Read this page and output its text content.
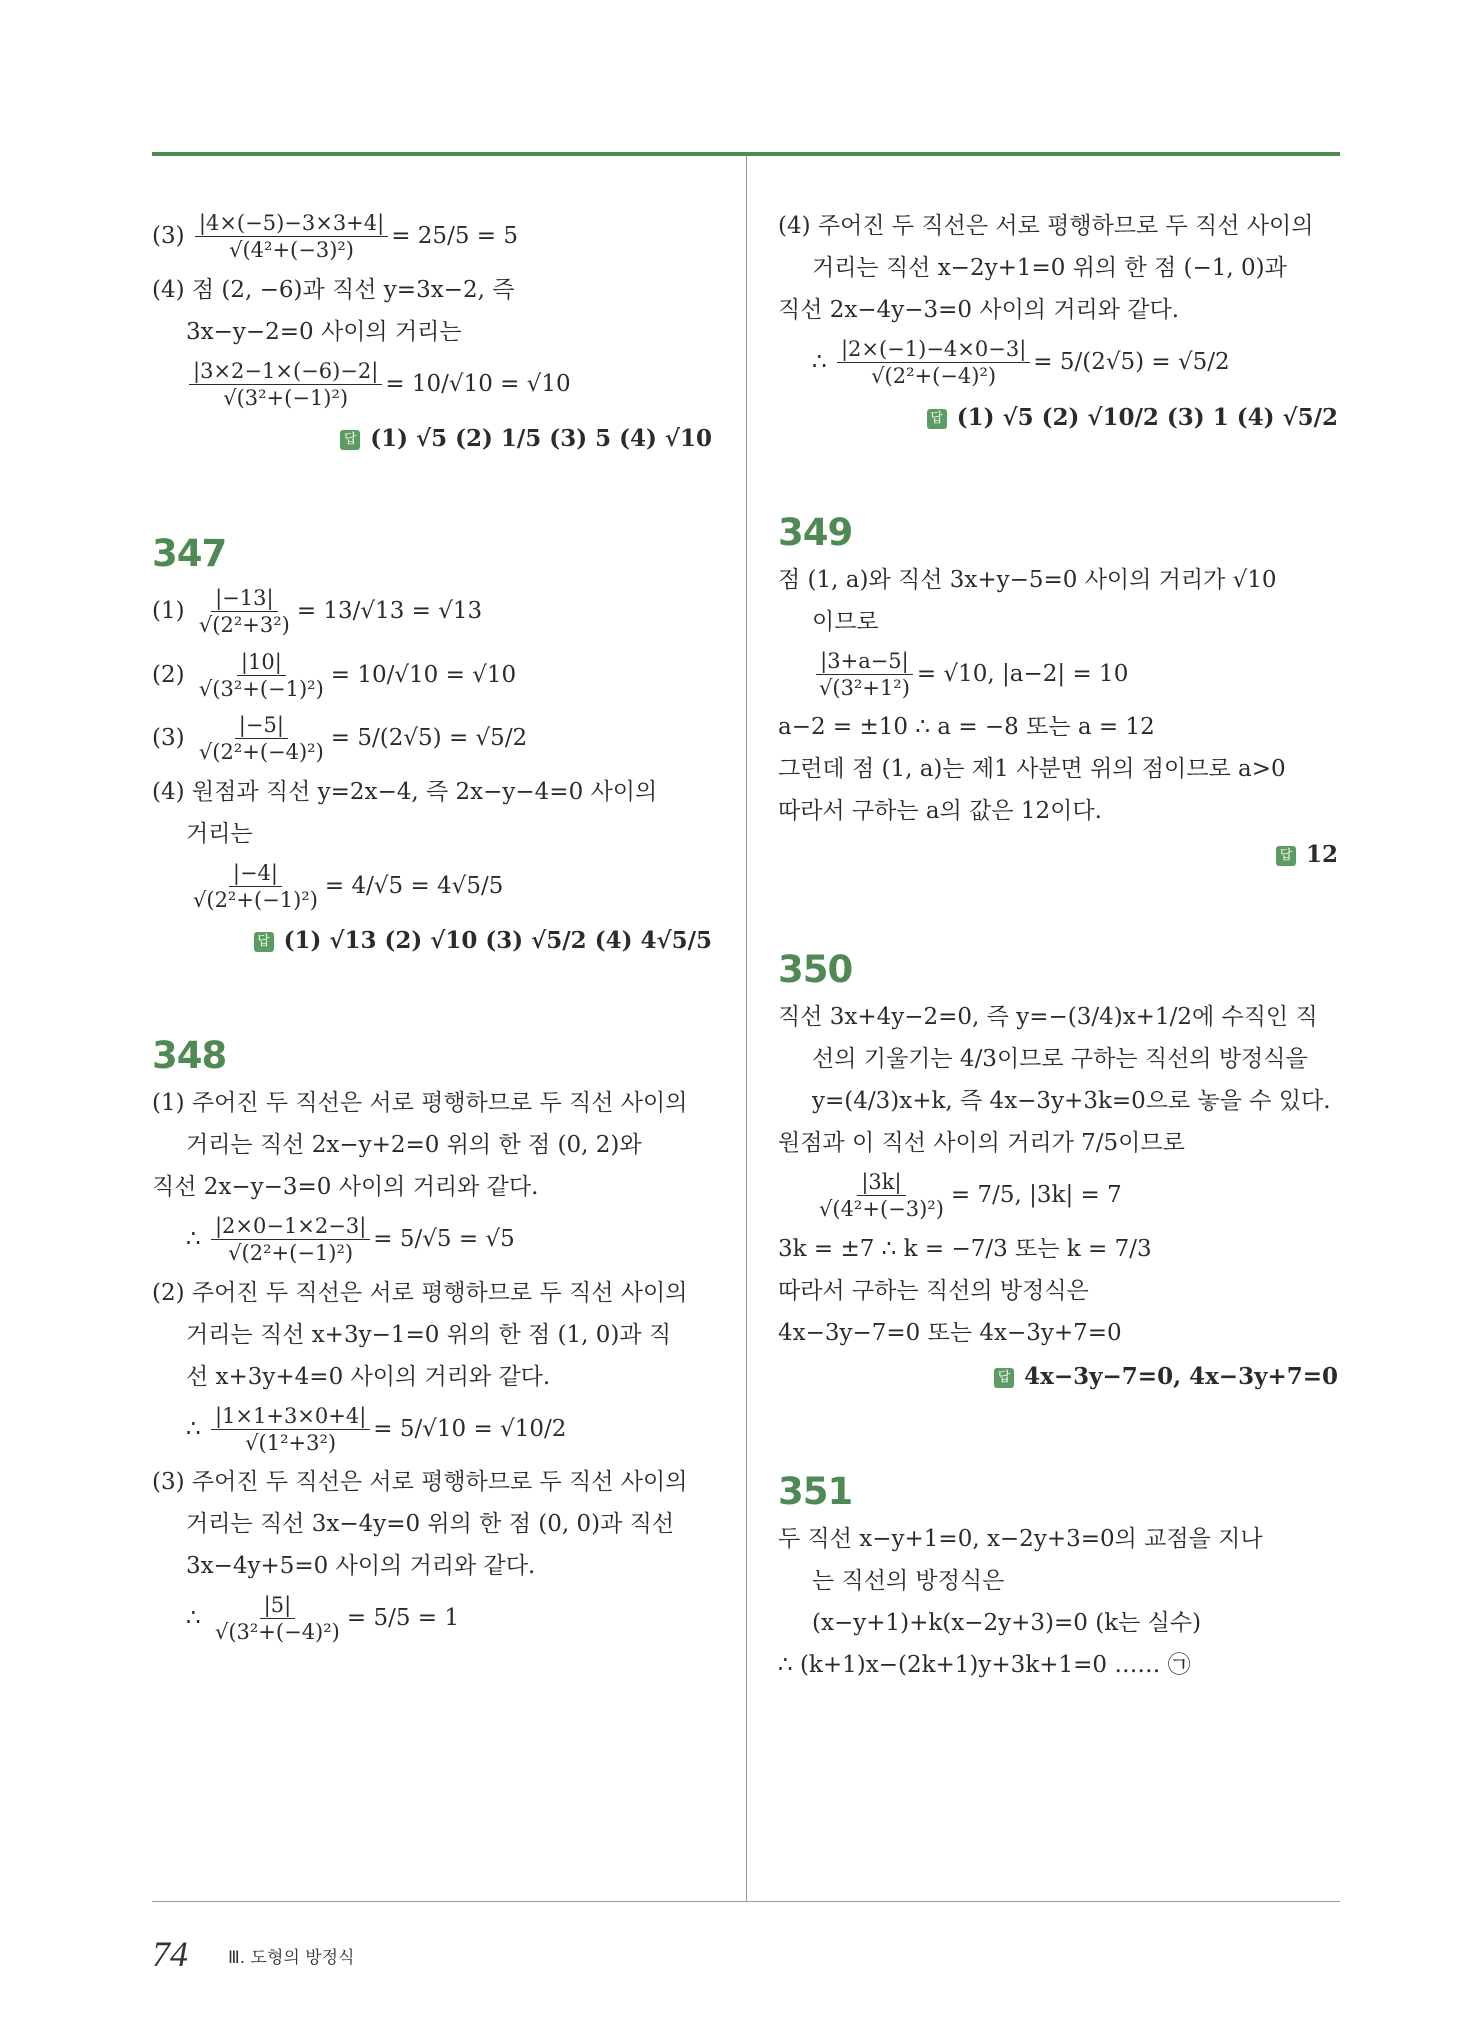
$(3) \frac{|4\times(-5)-3\times 3+4|}{\text{√(4²+(−3)²)}} = 25/5 = 5$
(4) 점 (2, −6)과 직선 y=3x−2, 즉
3x−y−2=0 사이의 거리는
$\frac{|3\times 2-1\times(-6)-2|}{\text{√(3²+(−1)²)}} = 10/√10 = √10$
답 (1) √5 (2) 1/5 (3) 5 (4) √10
347
$(1) \frac{|-13|}{\text{√(2²+3²)}} = 13/√13 = √13$
$(2) \frac{|10|}{\text{√(3²+(−1)²)}} = 10/√10 = √10$
$(3) \frac{|-5|}{\text{√(2²+(−4)²)}} = 5/(2√5) = √5/2$
(4) 원점과 직선 y=2x−4, 즉 2x−y−4=0 사이의
거리는
$\frac{|-4|}{\text{√(2²+(−1)²)}} = 4/√5 = 4√5/5$
답 (1) √13 (2) √10 (3) √5/2 (4) 4√5/5
348
(1) 주어진 두 직선은 서로 평행하므로 두 직선 사이의
거리는 직선 2x−y+2=0 위의 한 점 (0, 2)와
직선 2x−y−3=0 사이의 거리와 같다.
∴ $\frac{|2\times 0-1\times 2-3|}{\text{√(2²+(−1)²)}} = 5/√5 = √5$
(2) 주어진 두 직선은 서로 평행하므로 두 직선 사이의
거리는 직선 x+3y−1=0 위의 한 점 (1, 0)과 직
선 x+3y+4=0 사이의 거리와 같다.
∴ $\frac{|1\times 1+3\times 0+4|}{\text{√(1²+3²)}} = 5/√10 = √10/2$
(3) 주어진 두 직선은 서로 평행하므로 두 직선 사이의
거리는 직선 3x−4y=0 위의 한 점 (0, 0)과 직선
3x−4y+5=0 사이의 거리와 같다.
∴ $\frac{|5|}{\text{√(3²+(−4)²)}} = 5/5 = 1$
(4) 주어진 두 직선은 서로 평행하므로 두 직선 사이의
거리는 직선 x−2y+1=0 위의 한 점 (−1, 0)과
직선 2x−4y−3=0 사이의 거리와 같다.
∴ $\frac{|2\times(-1)-4\times 0-3|}{\text{√(2²+(−4)²)}} = 5/(2√5) = √5/2$
답 (1) √5 (2) √10/2 (3) 1 (4) √5/2
349
점 (1, a)와 직선 3x+y−5=0 사이의 거리가 √10
이므로
$\frac{|3+a-5|}{\text{√(3²+1²)}} = √10$, |a−2| = 10
a−2 = ±10 ∴ a = −8 또는 a = 12
그런데 점 (1, a)는 제1 사분면 위의 점이므로 a>0
따라서 구하는 a의 값은 12이다.
답 12
350
직선 3x+4y−2=0, 즉 y=−(3/4)x+1/2에 수직인 직
선의 기울기는 4/3이므로 구하는 직선의 방정식을
y=(4/3)x+k, 즉 4x−3y+3k=0으로 놓을 수 있다.
원점과 이 직선 사이의 거리가 7/5이므로
$\frac{|3k|}{\text{√(4²+(−3)²)}} = 7/5$, |3k| = 7
3k = ±7 ∴ k = −7/3 또는 k = 7/3
따라서 구하는 직선의 방정식은
4x−3y−7=0 또는 4x−3y+7=0
답 4x−3y−7=0, 4x−3y+7=0
351
두 직선 x−y+1=0, x−2y+3=0의 교점을 지나
는 직선의 방정식은
(x−y+1)+k(x−2y+3)=0 (k는 실수)
∴ (k+1)x−(2k+1)y+3k+1=0 …… ㉠
74 Ⅲ. 도형의 방정식
